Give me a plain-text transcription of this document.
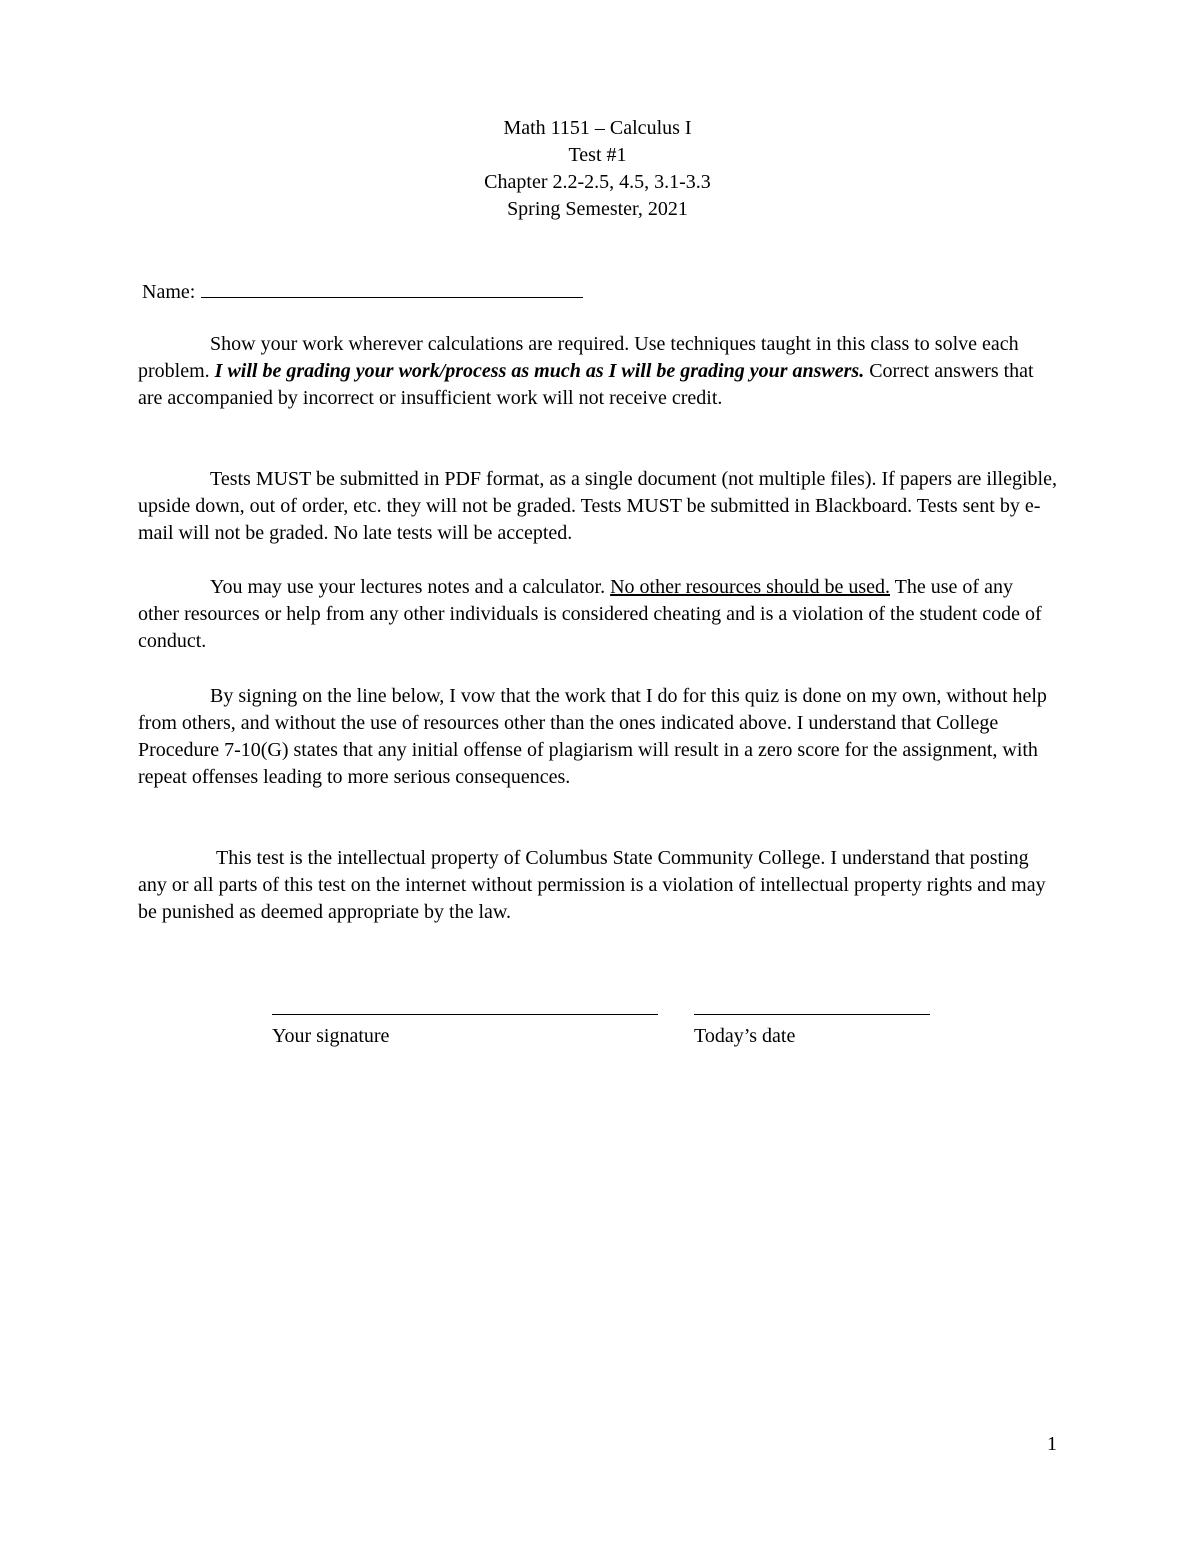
Math 1151 – Calculus I
Test #1
Chapter 2.2-2.5, 4.5, 3.1-3.3
Spring Semester, 2021
Name:

Show your work wherever calculations are required. Use techniques taught in this class to solve each problem. I will be grading your work/process as much as I will be grading your answers. Correct answers that are accompanied by incorrect or insufficient work will not receive credit.

Tests MUST be submitted in PDF format, as a single document (not multiple files). If papers are illegible, upside down, out of order, etc. they will not be graded. Tests MUST be submitted in Blackboard. Tests sent by e-mail will not be graded. No late tests will be accepted.

You may use your lectures notes and a calculator. No other resources should be used. The use of any other resources or help from any other individuals is considered cheating and is a violation of the student code of conduct.

By signing on the line below, I vow that the work that I do for this quiz is done on my own, without help from others, and without the use of resources other than the ones indicated above. I understand that College Procedure 7-10(G) states that any initial offense of plagiarism will result in a zero score for the assignment, with repeat offenses leading to more serious consequences.

This test is the intellectual property of Columbus State Community College. I understand that posting any or all parts of this test on the internet without permission is a violation of intellectual property rights and may be punished as deemed appropriate by the law.

Your signature	Today’s date
1
